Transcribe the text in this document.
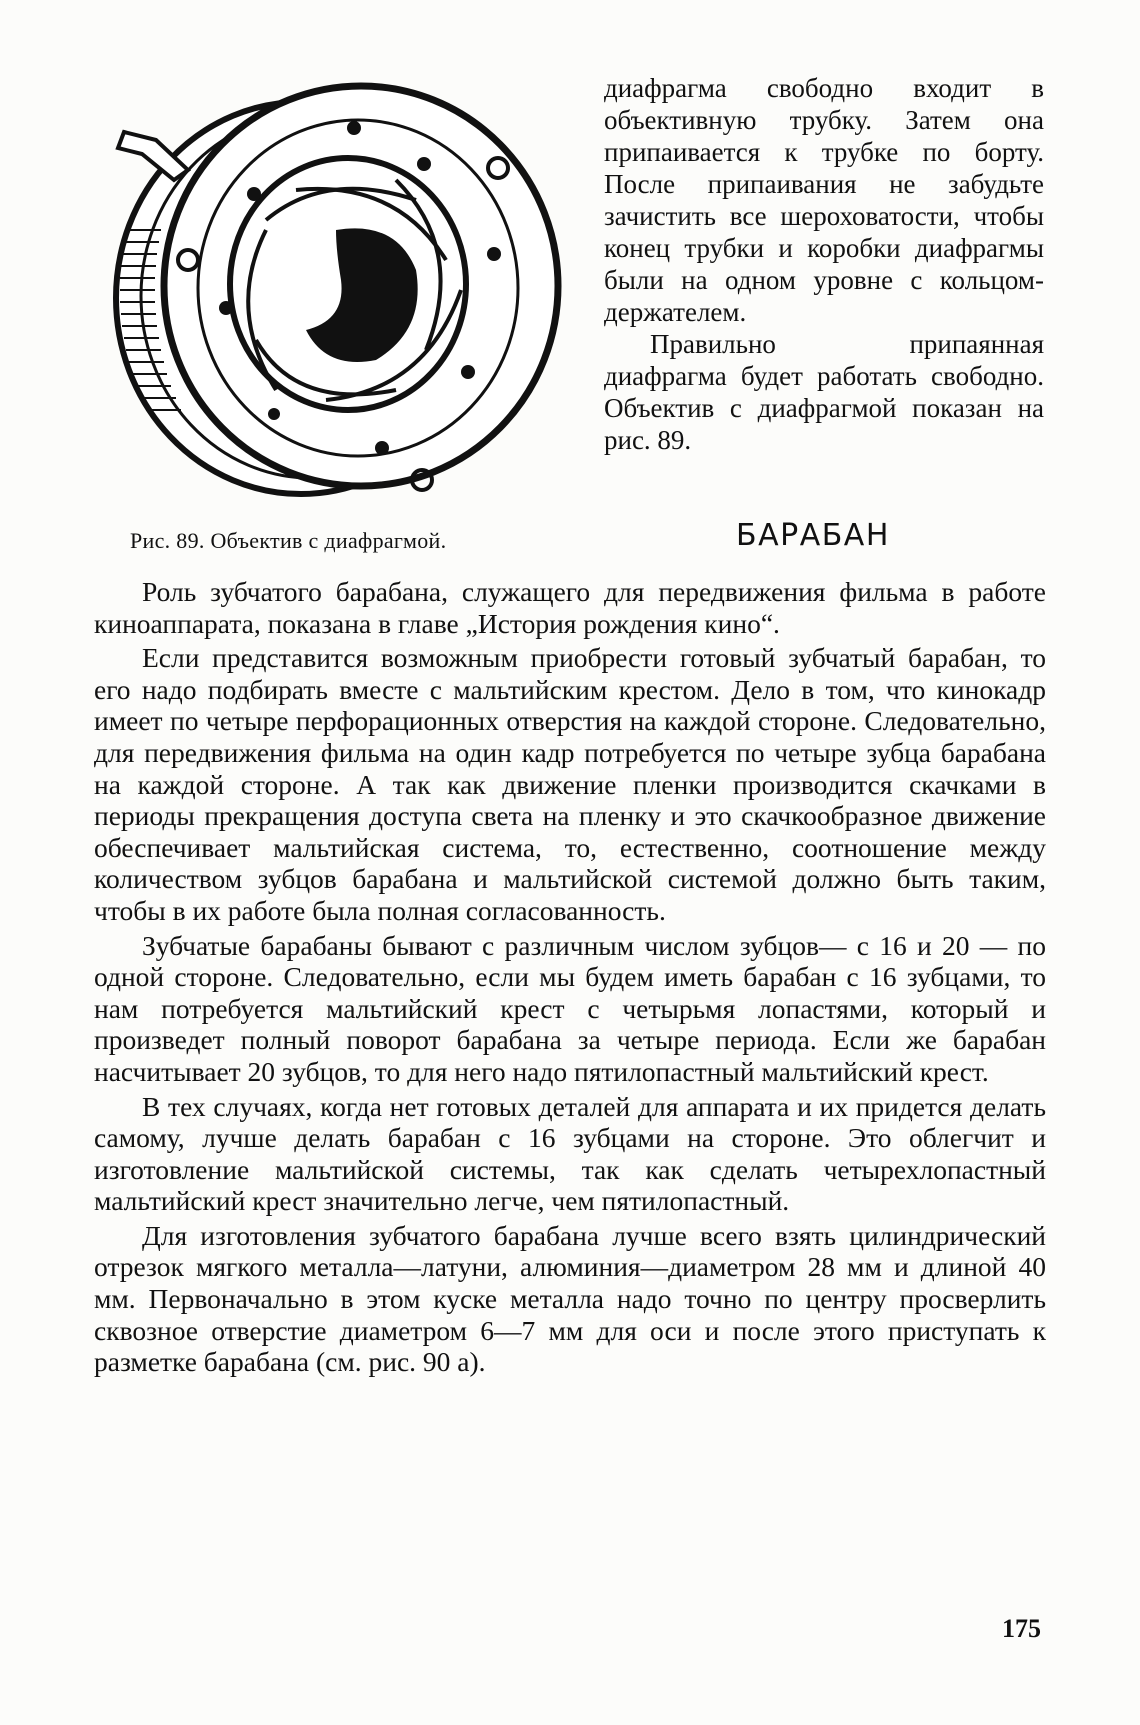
Рис. 89. Объектив с диафрагмой.

диафрагма свободно входит в объективную трубку. Затем она припаивается к трубке по борту. После припаивания не забудьте зачистить все шероховатости, чтобы конец трубки и коробки диафрагмы были на одном уровне с кольцом-держателем.

Правильно припаянная диафрагма будет работать свободно. Объектив с диафрагмой показан на рис. 89.

БАРАБАН

Роль зубчатого барабана, служащего для передвижения фильма в работе киноаппарата, показана в главе „История рождения кино“.

Если представится возможным приобрести готовый зубчатый барабан, то его надо подбирать вместе с мальтийским крестом. Дело в том, что кинокадр имеет по четыре перфорационных отверстия на каждой стороне. Следовательно, для передвижения фильма на один кадр потребуется по четыре зубца барабана на каждой стороне. А так как движение пленки производится скачками в периоды прекращения доступа света на пленку и это скачкообразное движение обеспечивает мальтийская система, то, естественно, соотношение между количеством зубцов барабана и мальтийской системой должно быть таким, чтобы в их работе была полная согласованность.

Зубчатые барабаны бывают с различным числом зубцов— с 16 и 20 — по одной стороне. Следовательно, если мы будем иметь барабан с 16 зубцами, то нам потребуется мальтийский крест с четырьмя лопастями, который и произведет полный поворот барабана за четыре периода. Если же барабан насчитывает 20 зубцов, то для него надо пятилопастный мальтийский крест.

В тех случаях, когда нет готовых деталей для аппарата и их придется делать самому, лучше делать барабан с 16 зубцами на стороне. Это облегчит и изготовление мальтийской системы, так как сделать четырехлопастный мальтийский крест значительно легче, чем пятилопастный.

Для изготовления зубчатого барабана лучше всего взять цилиндрический отрезок мягкого металла—латуни, алюминия—диаметром 28 мм и длиной 40 мм. Первоначально в этом куске металла надо точно по центру просверлить сквозное отверстие диаметром 6—7 мм для оси и после этого приступать к разметке барабана (см. рис. 90 а).

175
